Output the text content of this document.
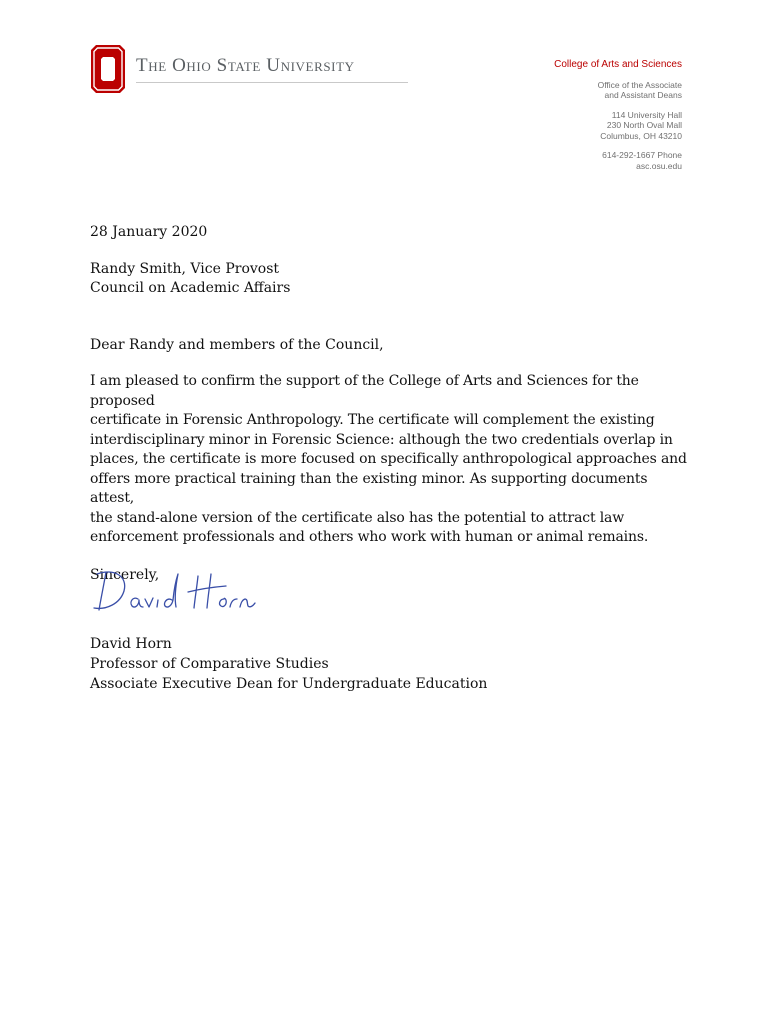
The Ohio State University	College of Arts and Sciences
Office of the Associate
and Assistant Deans
114 University Hall
230 North Oval Mall
Columbus, OH 43210
614-292-1667 Phone
asc.osu.edu

28 January 2020

Randy Smith, Vice Provost
Council on Academic Affairs

Dear Randy and members of the Council,

I am pleased to confirm the support of the College of Arts and Sciences for the proposed
certificate in Forensic Anthropology. The certificate will complement the existing
interdisciplinary minor in Forensic Science: although the two credentials overlap in
places, the certificate is more focused on specifically anthropological approaches and
offers more practical training than the existing minor. As supporting documents attest,
the stand-alone version of the certificate also has the potential to attract law
enforcement professionals and others who work with human or animal remains.

Sincerely,

David Horn
Professor of Comparative Studies
Associate Executive Dean for Undergraduate Education
